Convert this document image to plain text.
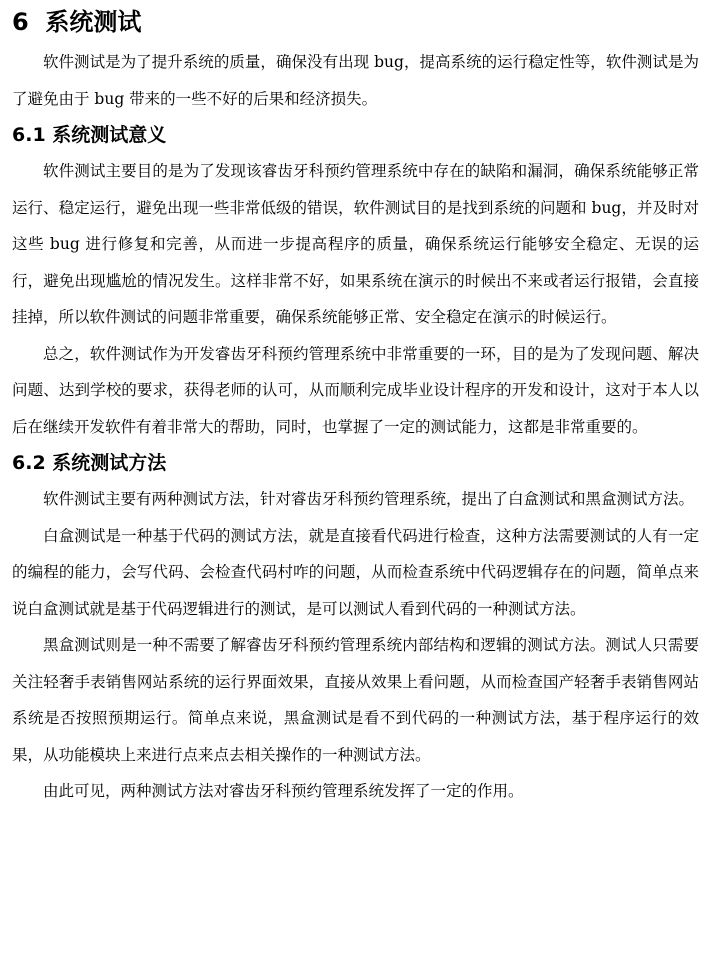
6 系统测试

软件测试是为了提升系统的质量，确保没有出现 bug，提高系统的运行稳定性等，软件测试是为了避免由于 bug 带来的一些不好的后果和经济损失。

6.1 系统测试意义

软件测试主要目的是为了发现该睿齿牙科预约管理系统中存在的缺陷和漏洞，确保系统能够正常运行、稳定运行，避免出现一些非常低级的错误，软件测试目的是找到系统的问题和 bug，并及时对这些 bug 进行修复和完善，从而进一步提高程序的质量，确保系统运行能够安全稳定、无误的运行，避免出现尴尬的情况发生。这样非常不好，如果系统在演示的时候出不来或者运行报错，会直接挂掉，所以软件测试的问题非常重要，确保系统能够正常、安全稳定在演示的时候运行。

总之，软件测试作为开发睿齿牙科预约管理系统中非常重要的一环，目的是为了发现问题、解决问题、达到学校的要求，获得老师的认可，从而顺利完成毕业设计程序的开发和设计，这对于本人以后在继续开发软件有着非常大的帮助，同时，也掌握了一定的测试能力，这都是非常重要的。

6.2 系统测试方法

软件测试主要有两种测试方法，针对睿齿牙科预约管理系统，提出了白盒测试和黑盒测试方法。

白盒测试是一种基于代码的测试方法，就是直接看代码进行检查，这种方法需要测试的人有一定的编程的能力，会写代码、会检查代码村咋的问题，从而检查系统中代码逻辑存在的问题，简单点来说白盒测试就是基于代码逻辑进行的测试，是可以测试人看到代码的一种测试方法。

黑盒测试则是一种不需要了解睿齿牙科预约管理系统内部结构和逻辑的测试方法。测试人只需要关注轻奢手表销售网站系统的运行界面效果，直接从效果上看问题，从而检查国产轻奢手表销售网站系统是否按照预期运行。简单点来说，黑盒测试是看不到代码的一种测试方法，基于程序运行的效果，从功能模块上来进行点来点去相关操作的一种测试方法。

由此可见，两种测试方法对睿齿牙科预约管理系统发挥了一定的作用。
